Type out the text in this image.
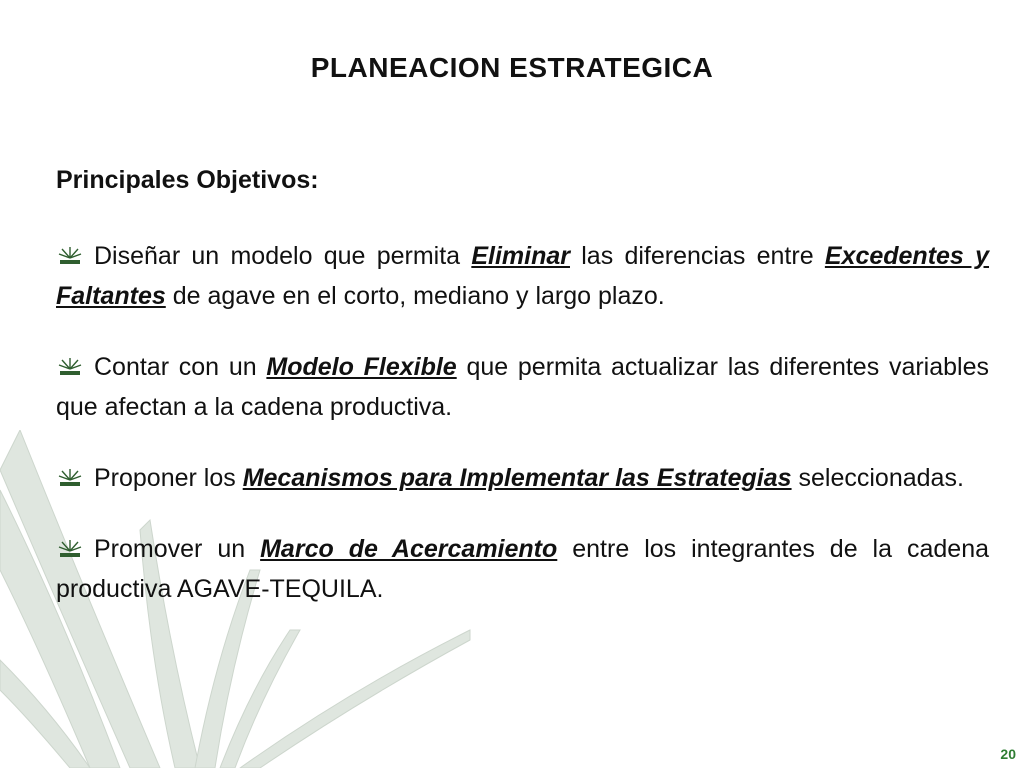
PLANEACION ESTRATEGICA
Principales Objetivos:

Diseñar un modelo que permita Eliminar las diferencias entre Excedentes y Faltantes de agave en el corto, mediano y largo plazo.

Contar con un Modelo Flexible que permita actualizar las diferentes variables que afectan a la cadena productiva.

Proponer los Mecanismos para Implementar las Estrategias seleccionadas.

Promover un Marco de Acercamiento entre los integrantes de la cadena productiva AGAVE-TEQUILA.

20
